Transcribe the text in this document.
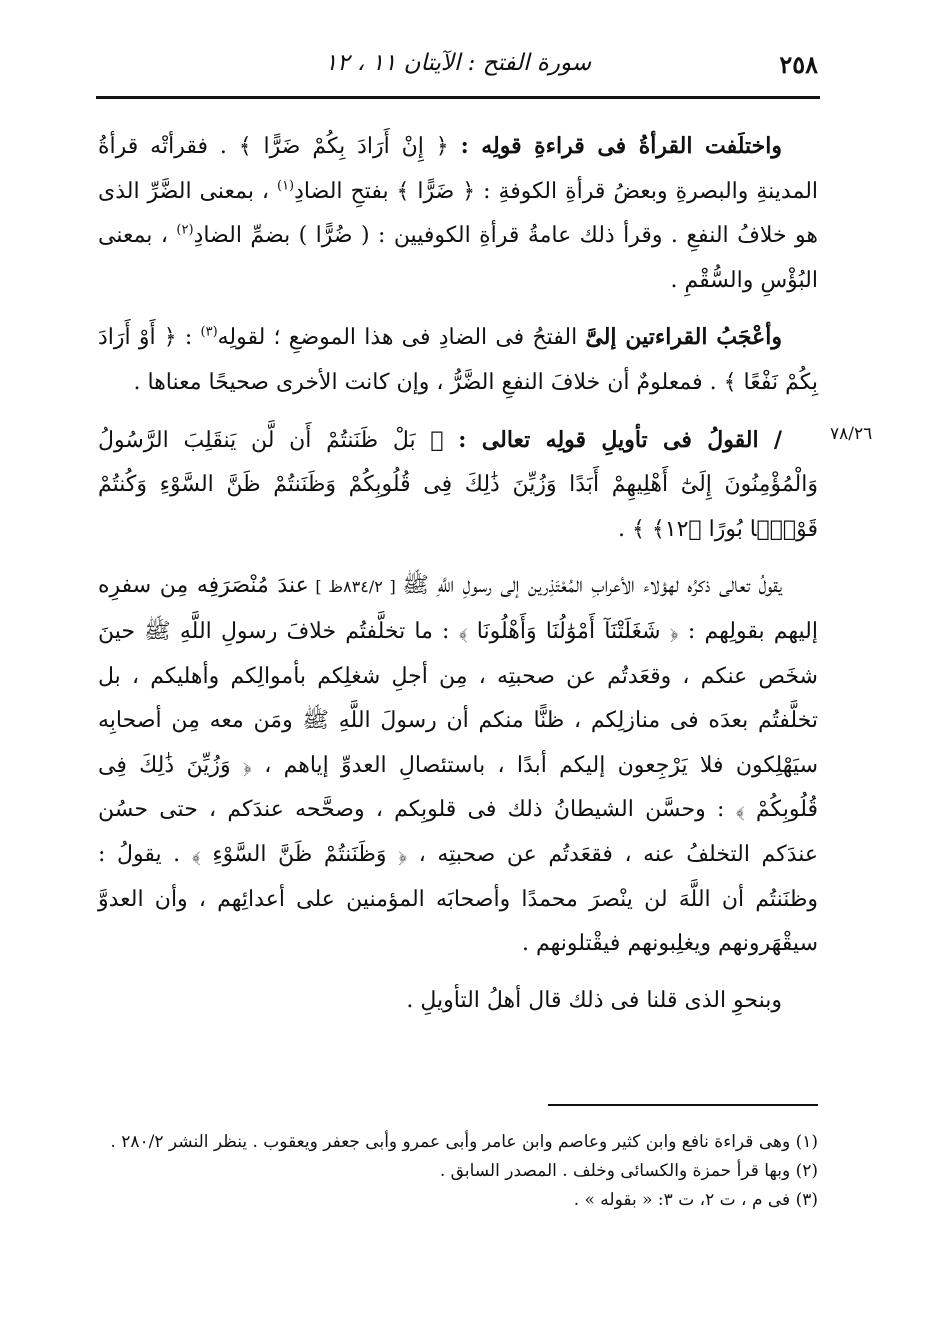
٢٥٨
سورة الفتح : الآيتان ١١ ، ١٢
٧٨/٢٦

واختلَفت القرأةُ فى قراءةِ قولِه : ﴿ إِنْ أَرَادَ بِكُمْ ضَرًّا ﴾ . فقرأتْه قرأةُ المدينةِ والبصرةِ وبعضُ قرأةِ الكوفةِ : ﴿ ضَرًّا ﴾ بفتحِ الضادِ$^{(١)}$ ، بمعنى الضَّرِّ الذى هو خلافُ النفعِ . وقرأ ذلك عامةُ قرأةِ الكوفيين : ( ضُرًّا ) بضمِّ الضادِ$^{(٢)}$ ، بمعنى البُؤْسِ والسُّقْمِ .

وأعْجَبُ القراءتين إلىَّ الفتحُ فى الضادِ فى هذا الموضعِ ؛ لقولِه$^{(٣)}$ : ﴿ أَوْ أَرَادَ بِكُمْ نَفْعًا ﴾ . فمعلومٌ أن خلافَ النفعِ الضَّرُّ ، وإن كانت الأخرى صحيحًا معناها .

/ القولُ فى تأويلِ قولِه تعالى : ﴿ بَلْ ظَنَنتُمْ أَن لَّن يَنقَلِبَ الرَّسُولُ وَالْمُؤْمِنُونَ إِلَىٰٓ أَهْلِيهِمْ أَبَدًا وَزُيِّنَ ذَٰلِكَ فِى قُلُوبِكُمْ وَظَنَنتُمْ ظَنَّ السَّوْءِ وَكُنتُمْ قَوْمًۢا بُورًا ﴿١٢﴾ ﴾ .

يقولُ تعالى ذكرُه لهؤلاء الأعرابِ المُعْتَذِرين إلى رسولِ اللَّهِ ﷺ [ ٨٣٤/٢ظ ] عندَ مُنْصَرَفِه مِن سفرِه إليهم بقولِهم : ﴿ شَغَلَتْنَآ أَمْوَٰلُنَا وَأَهْلُونَا ﴾ : ما تخلَّفتُم خلافَ رسولِ اللَّهِ ﷺ حينَ شخَص عنكم ، وقعَدتُم عن صحبتِه ، مِن أجلِ شغلِكم بأموالِكم وأهليكم ، بل تخلَّفتُم بعدَه فى منازلِكم ، ظنًّا منكم أن رسولَ اللَّهِ ﷺ ومَن معه مِن أصحابِه سيَهْلِكون فلا يَرْجِعون إليكم أبدًا ، باستئصالِ العدوِّ إياهم ، ﴿ وَزُيِّنَ ذَٰلِكَ فِى قُلُوبِكُمْ ﴾ : وحسَّن الشيطانُ ذلك فى قلوبِكم ، وصحَّحه عندَكم ، حتى حسُن عندَكم التخلفُ عنه ، فقعَدتُم عن صحبتِه ، ﴿ وَظَنَنتُمْ ظَنَّ السَّوْءِ ﴾ . يقولُ : وظنَنتُم أن اللَّهَ لن ينْصرَ محمدًا وأصحابَه المؤمنين على أعدائِهم ، وأن العدوَّ سيقْهَرونهم ويغلِبونهم فيقْتلونهم .

وبنحوِ الذى قلنا فى ذلك قال أهلُ التأويلِ .

(١) وهى قراءة نافع وابن كثير وعاصم وابن عامر وأبى عمرو وأبى جعفر ويعقوب . ينظر النشر ٢٨٠/٢ .

(٢) وبها قرأ حمزة والكسائى وخلف . المصدر السابق .

(٣) فى م ، ت ٢، ت ٣: « بقوله » .
